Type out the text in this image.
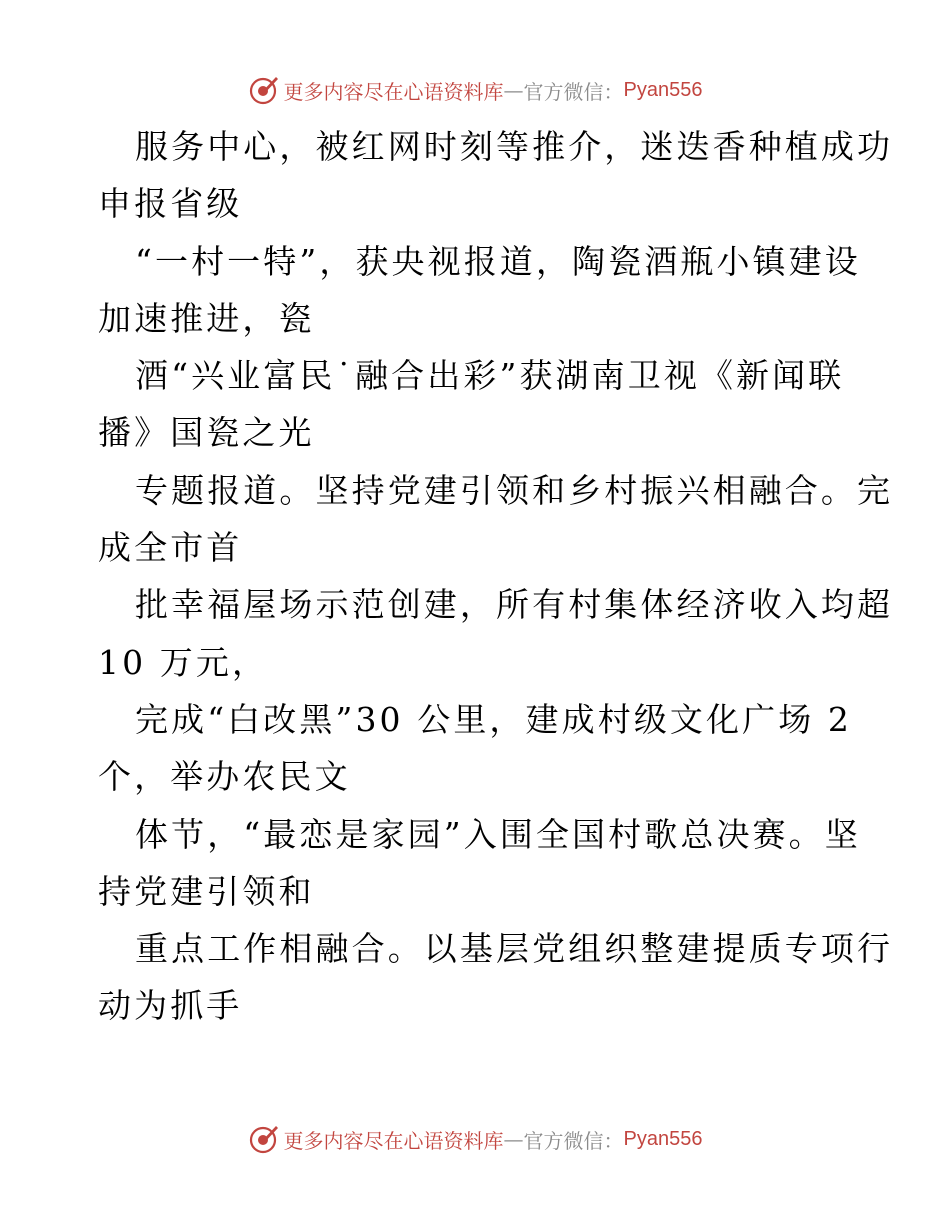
更多内容尽在心语资料库 — 官方微信： Pyan556
服务中心，被红网时刻等推介，迷迭香种植成功
申报省级
“一村一特”，获央视报道，陶瓷酒瓶小镇建设
加速推进，瓷
酒“兴业富民˙融合出彩”获湖南卫视《新闻联
播》国瓷之光
专题报道。坚持党建引领和乡村振兴相融合。完
成全市首
批幸福屋场示范创建，所有村集体经济收入均超
10 万元，
完成“白改黑”30 公里，建成村级文化广场 2
个，举办农民文
体节，“最恋是家园”入围全国村歌总决赛。坚
持党建引领和
重点工作相融合。以基层党组织整建提质专项行
动为抓手
更多内容尽在心语资料库 — 官方微信： Pyan556
